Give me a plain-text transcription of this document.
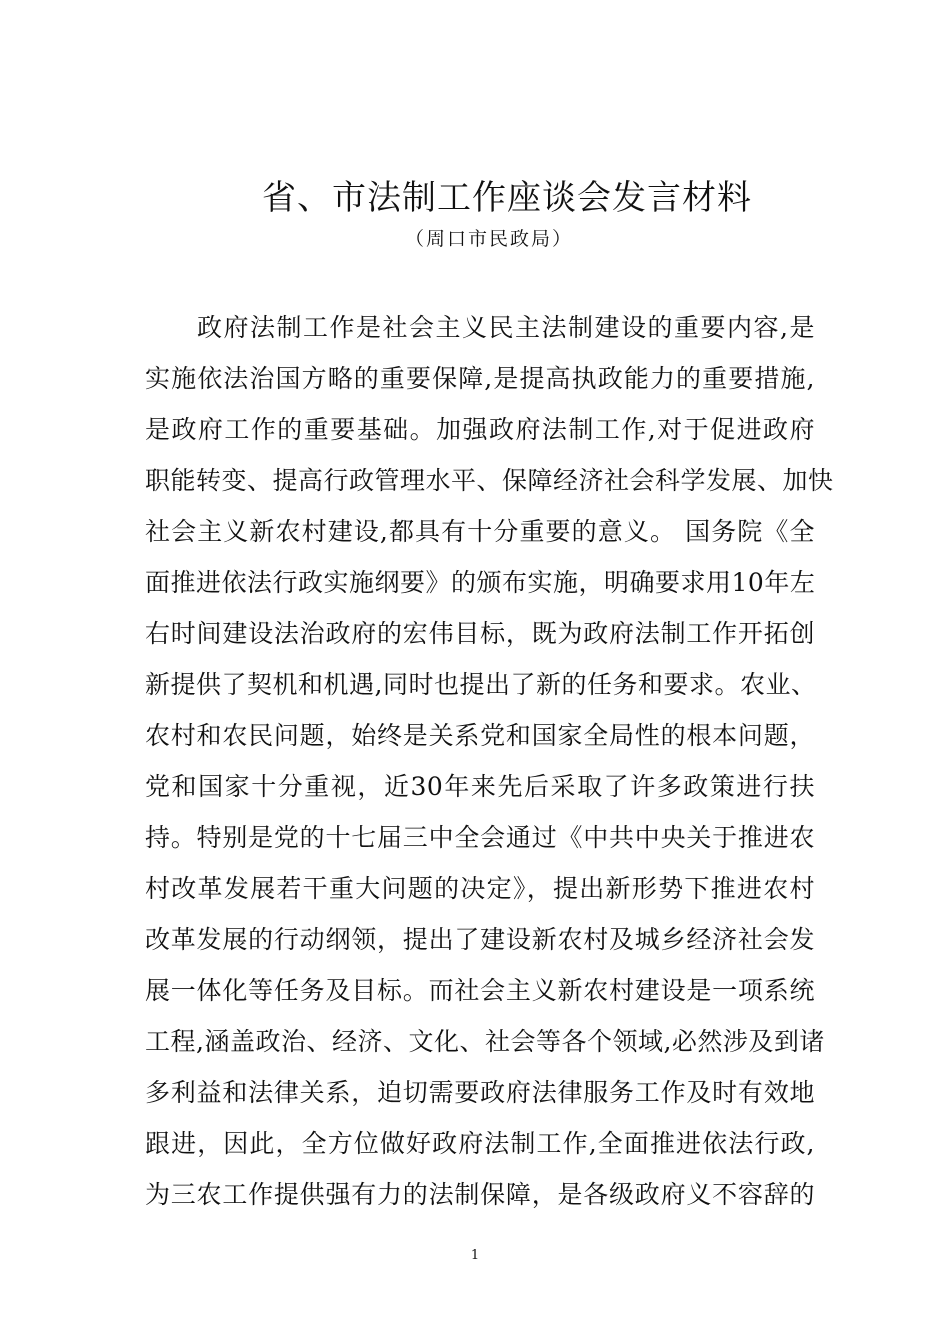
省、市法制工作座谈会发言材料
（周口市民政局）
政府法制工作是社会主义民主法制建设的重要内容,是
实施依法治国方略的重要保障,是提高执政能力的重要措施,
是政府工作的重要基础。加强政府法制工作,对于促进政府
职能转变、提高行政管理水平、保障经济社会科学发展、加快
社会主义新农村建设,都具有十分重要的意义。 国务院《全
面推进依法行政实施纲要》的颁布实施，明确要求用10年左
右时间建设法治政府的宏伟目标，既为政府法制工作开拓创
新提供了契机和机遇,同时也提出了新的任务和要求。农业、
农村和农民问题，始终是关系党和国家全局性的根本问题，
党和国家十分重视，近30年来先后采取了许多政策进行扶
持。特别是党的十七届三中全会通过《中共中央关于推进农
村改革发展若干重大问题的决定》，提出新形势下推进农村
改革发展的行动纲领，提出了建设新农村及城乡经济社会发
展一体化等任务及目标。而社会主义新农村建设是一项系统
工程,涵盖政治、经济、文化、社会等各个领域,必然涉及到诸
多利益和法律关系，迫切需要政府法律服务工作及时有效地
跟进，因此，全方位做好政府法制工作,全面推进依法行政,
为三农工作提供强有力的法制保障，是各级政府义不容辞的
1
